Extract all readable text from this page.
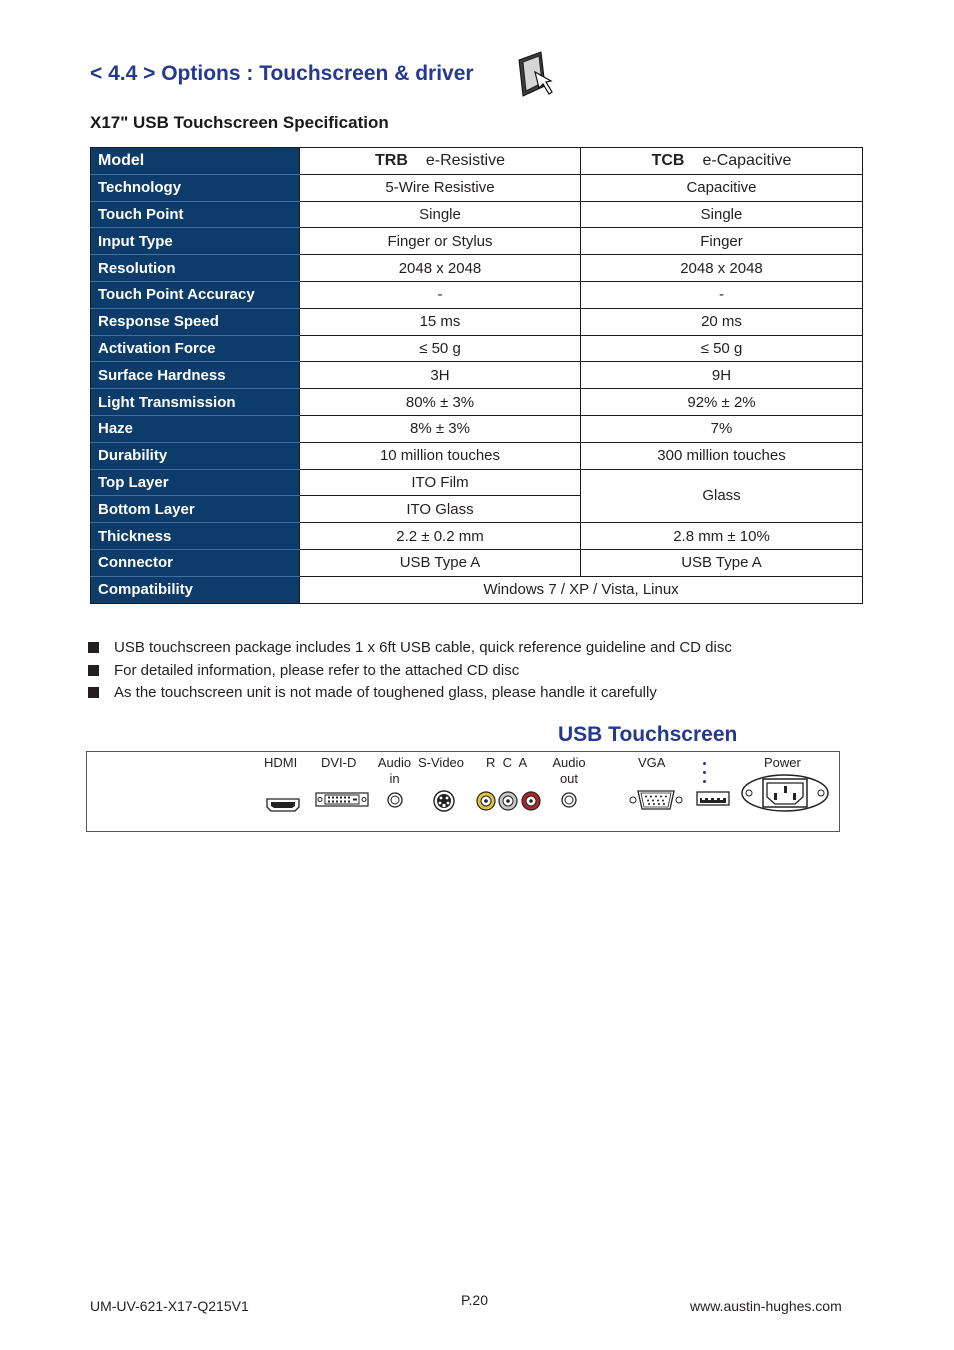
< 4.4 > Options : Touchscreen & driver
X17" USB Touchscreen Specification
Model	TRB e-Resistive	TCB e-Capacitive
Technology	5-Wire Resistive	Capacitive
Touch Point	Single	Single
Input Type	Finger or Stylus	Finger
Resolution	2048 x 2048	2048 x 2048
Touch Point Accuracy	-	-
Response Speed	15 ms	20 ms
Activation Force	≤ 50 g	≤ 50 g
Surface Hardness	3H	9H
Light Transmission	80% ± 3%	92% ± 2%
Haze	8% ± 3%	7%
Durability	10 million touches	300 million touches
Top Layer	ITO Film	Glass
Bottom Layer	ITO Glass	
Thickness	2.2 ± 0.2 mm	2.8 mm ± 10%
Connector	USB Type A	USB Type A
Compatibility	Windows 7 / XP / Vista, Linux	
USB touchscreen package includes 1 x 6ft USB cable, quick reference guideline and CD disc
For detailed information, please refer to the attached CD disc
As the touchscreen unit is not made of toughened glass, please handle it carefully
USB Touchscreen
HDMI DVI-D Audio
in
S-Video R  C  A Audio
out
VGA	Power
UM-UV-621-X17-Q215V1	P.20	www.austin-hughes.com
